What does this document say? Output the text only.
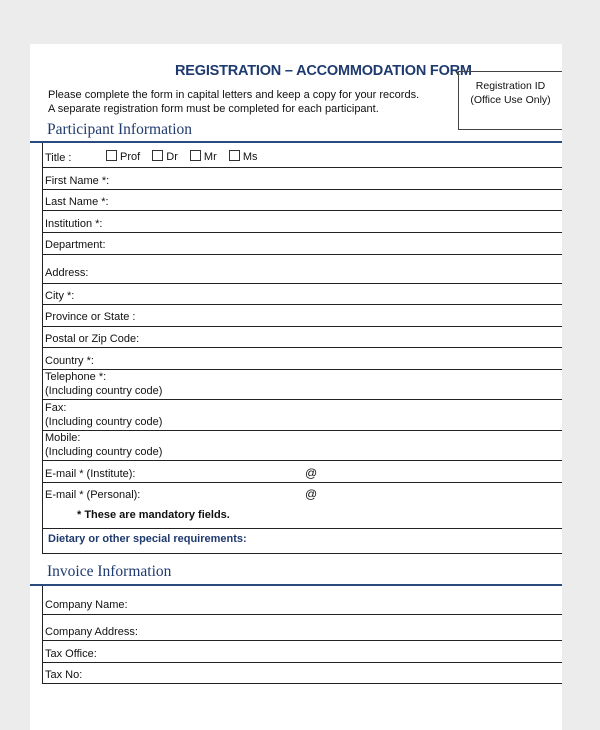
REGISTRATION – ACCOMMODATION FORM
Please complete the form in capital letters and keep a copy for your records.
A separate registration form must be completed for each participant.
Registration ID
(Office Use Only)
Participant Information
Title :	Prof Dr Mr Ms
First Name *:
Last Name *:
Institution *:
Department:
Address:
City *:
Province or State :
Postal or Zip Code:
Country *:
Telephone *:
(Including country code)
Fax:
(Including country code)
Mobile:
(Including country code)
E-mail * (Institute):	@
E-mail * (Personal):	@
* These are mandatory fields.
Dietary or other special requirements:
Invoice Information
Company Name:
Company Address:
Tax Office:
Tax No:
